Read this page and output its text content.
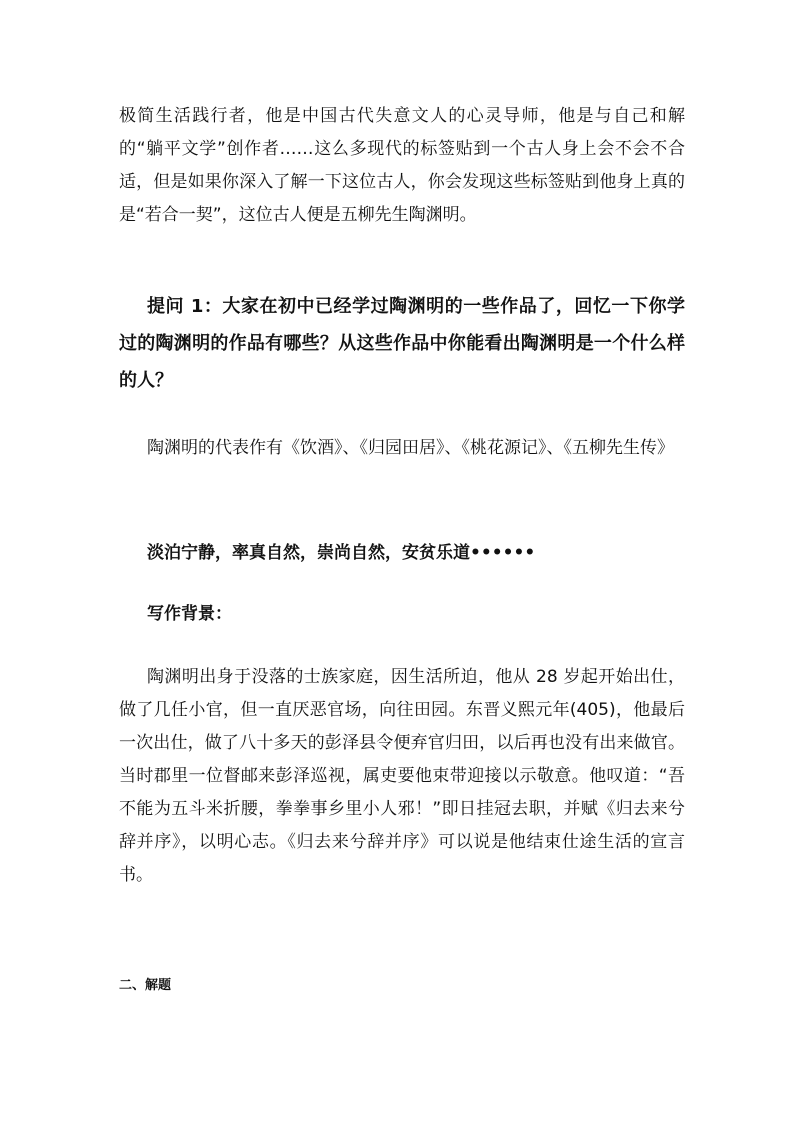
极简生活践行者，他是中国古代失意文人的心灵导师，他是与自己和解的“躺平文学”创作者……这么多现代的标签贴到一个古人身上会不会不合适，但是如果你深入了解一下这位古人，你会发现这些标签贴到他身上真的是“若合一契”，这位古人便是五柳先生陶渊明。

提问 1：大家在初中已经学过陶渊明的一些作品了，回忆一下你学过的陶渊明的作品有哪些？从这些作品中你能看出陶渊明是一个什么样的人？

陶渊明的代表作有《饮酒》、《归园田居》、《桃花源记》、《五柳先生传》

淡泊宁静，率真自然，崇尚自然，安贫乐道••••••

写作背景：

陶渊明出身于没落的士族家庭，因生活所迫，他从 28 岁起开始出仕，做了几任小官，但一直厌恶官场，向往田园。东晋义熙元年(405)，他最后一次出仕，做了八十多天的彭泽县令便弃官归田，以后再也没有出来做官。当时郡里一位督邮来彭泽巡视，属吏要他束带迎接以示敬意。他叹道：“吾不能为五斗米折腰，拳拳事乡里小人邪！”即日挂冠去职，并赋《归去来兮辞并序》，以明心志。《归去来兮辞并序》可以说是他结束仕途生活的宣言书。

二、解题
